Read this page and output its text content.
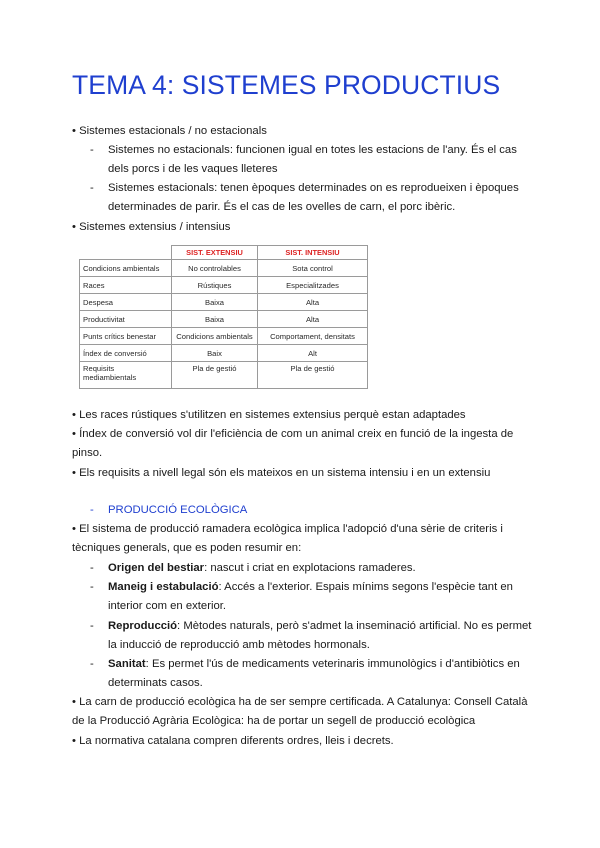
TEMA 4: SISTEMES PRODUCTIUS
• Sistemes estacionals / no estacionals
- Sistemes no estacionals: funcionen igual en totes les estacions de l'any. És el cas
dels porcs i de les vaques lleteres
- Sistemes estacionals: tenen èpoques determinades on es reprodueixen i èpoques
determinades de parir. És el cas de les ovelles de carn, el porc ibèric.
• Sistemes extensius / intensius
	SIST. EXTENSIU	SIST. INTENSIU
Condicions ambientals	No controlables	Sota control
Races	Rústiques	Especialitzades
Despesa	Baixa	Alta
Productivitat	Baixa	Alta
Punts crítics benestar	Condicions ambientals	Comportament, densitats
Índex de conversió	Baix	Alt
Requisits
mediambientals	Pla de gestió	Pla de gestió
• Les races rústiques s'utilitzen en sistemes extensius perquè estan adaptades
• Índex de conversió vol dir l'eficiència de com un animal creix en funció de la ingesta de
pinso.
• Els requisits a nivell legal són els mateixos en un sistema intensiu i en un extensiu
- PRODUCCIÓ ECOLÒGICA
• El sistema de producció ramadera ecològica implica l'adopció d'una sèrie de criteris i
tècniques generals, que es poden resumir en:
- Origen del bestiar: nascut i criat en explotacions ramaderes.
- Maneig i estabulació: Accés a l'exterior. Espais mínims segons l'espècie tant en
interior com en exterior.
- Reproducció: Mètodes naturals, però s'admet la inseminació artificial. No es permet
la inducció de reproducció amb mètodes hormonals.
- Sanitat: Es permet l'ús de medicaments veterinaris immunològics i d'antibiòtics en
determinats casos.
• La carn de producció ecològica ha de ser sempre certificada. A Catalunya: Consell Català
de la Producció Agrària Ecològica: ha de portar un segell de producció ecològica
• La normativa catalana compren diferents ordres, lleis i decrets.
